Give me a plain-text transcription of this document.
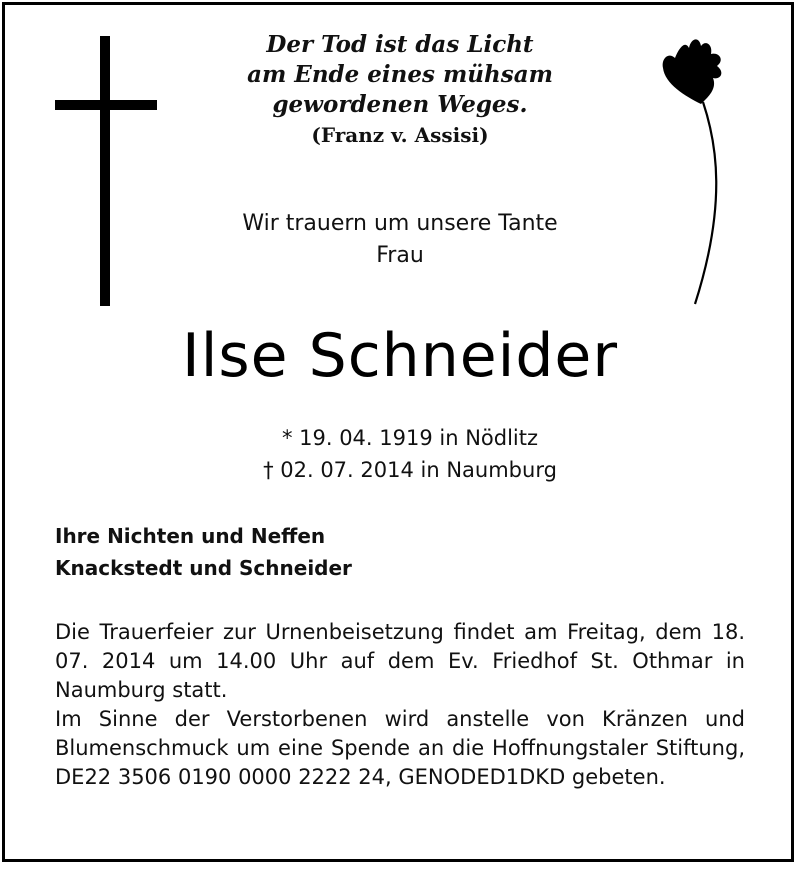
Der Tod ist das Licht
am Ende eines mühsam
gewordenen Weges.
(Franz v. Assisi)
Wir trauern um unsere Tante
Frau
Ilse Schneider
* 19. 04. 1919 in Nödlitz
† 02. 07. 2014 in Naumburg
Ihre Nichten und Neffen
Knackstedt und Schneider

Die Trauerfeier zur Urnenbeisetzung findet am Freitag, dem 18. 07. 2014 um 14.00 Uhr auf dem Ev. Friedhof St. Othmar in Naumburg statt.

Im Sinne der Verstorbenen wird anstelle von Kränzen und Blumenschmuck um eine Spende an die Hoffnungstaler Stiftung, DE22 3506 0190 0000 2222 24, GENODED1DKD gebeten.
